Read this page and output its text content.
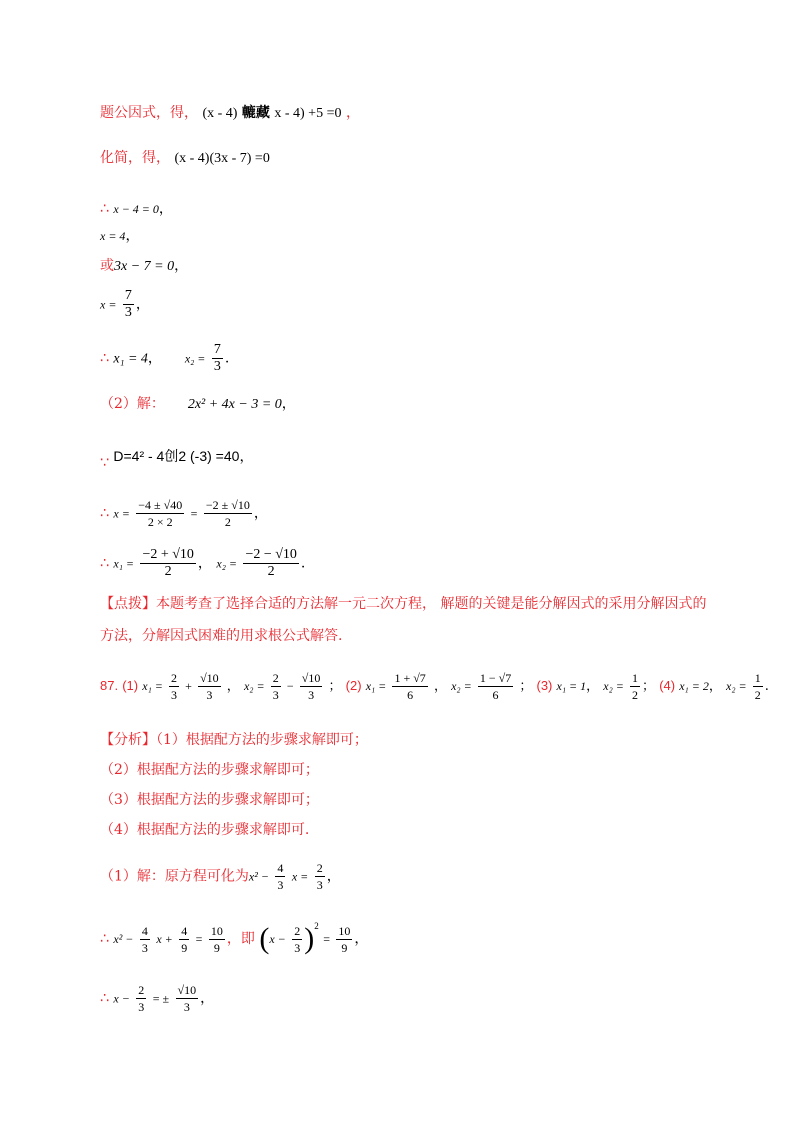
题公因式，得， (x - 4) 轆藏 x - 4) +5 =0 ，
化简，得， (x - 4)(3x - 7) =0
∴ x − 4 = 0，
x = 4，
或3x − 7 = 0，
$x = \frac{7}{3}$ ，
∴ x₁ = 4， $x_2 = \frac{7}{3}$ .
（2）解： 2x² + 4x − 3 = 0，
∵ D=4² - 4创2 (-3) =40，
∴ $x = \frac{-4 \pm √40}{2 \times 2} = \frac{-2 \pm √10}{2}$ ，
∴ $x_1 = \frac{-2 + √10}{2}$ ， $x_2 = \frac{-2 - √10}{2}$ .
【点拨】本题考查了选择合适的方法解一元二次方程， 解题的关键是能分解因式的采用分解因式的
方法，分解因式困难的用求根公式解答.
87. (1) $x_1 = \frac{2}{3} + \frac{√10}{3}$ ， $x_2 = \frac{2}{3} - \frac{√10}{3}$ ； (2) $x_1 = \frac{1 + √7}{6}$ ， $x_2 = \frac{1 - √7}{6}$ ； (3) x₁ = 1， $x_2 = \frac{1}{2}$ ； (4) x₁ = 2， $x_2 = \frac{1}{2}$ .
【分析】（1）根据配方法的步骤求解即可；
（2）根据配方法的步骤求解即可；
（3）根据配方法的步骤求解即可；
（4）根据配方法的步骤求解即可.
（1）解：原方程可化为$x^2 - \frac{4}{3}$ $x = \frac{2}{3}$ ，
∴ $x^2 - \frac{4}{3}$ $x + \frac{4}{9} = \frac{10}{9}$ ，即 $(x - \frac{2}{3} )^2 = \frac{10}{9}$ ，
∴ $x - \frac{2}{3}$ = ± $\frac{√10}{3}$ ，
